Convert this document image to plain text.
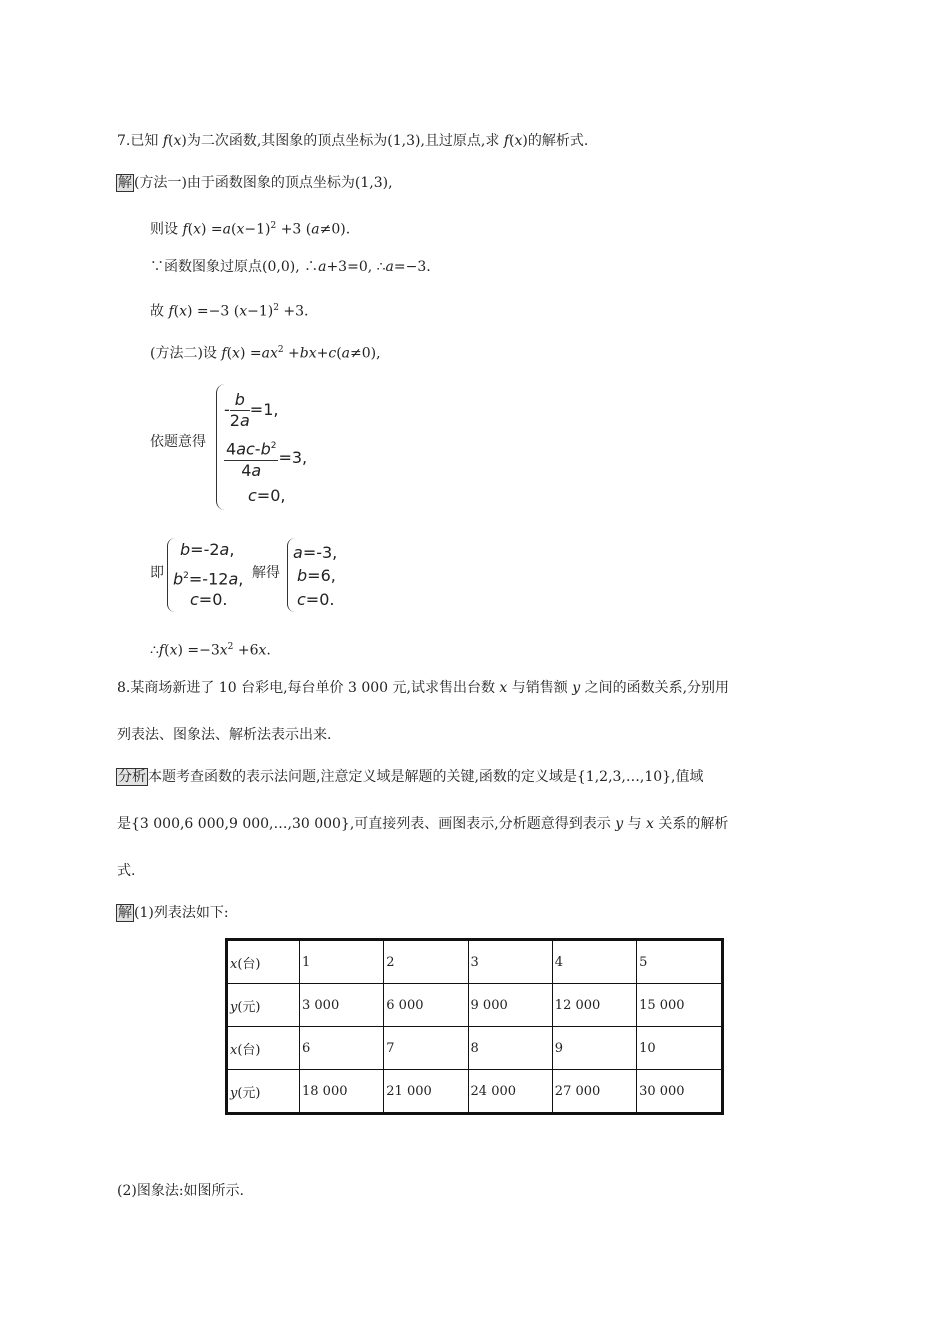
7.已知 f(x)为二次函数,其图象的顶点坐标为(1,3),且过原点,求 f(x)的解析式.
解 (方法一)由于函数图象的顶点坐标为(1,3),
则设 $f(x) =a(x-1)^2 +3$ (a≠0).
∵函数图象过原点(0,0), ∴a+3=0, ∴a=−3.
故 f(x) =−3 $(x-1)^2 +3$.
(方法二)设 $f(x) =ax^2 +bx+c(a\ne 0)$,
依题意得
- $\frac{b}{2a} =1$,
$\frac{4ac-b^2}{4a} =3$,
c=0,
即
b=-2a,
$b^2=-12a$,
c=0.
解得
a=-3,
b=6,
c=0.
∴f(x) $=-3x^2 +6x$.
8.某商场新进了 10 台彩电,每台单价 3 000 元,试求售出台数 x 与销售额 y 之间的函数关系,分别用
列表法、图象法、解析法表示出来.
分析 本题考查函数的表示法问题,注意定义域是解题的关键,函数的定义域是{1,2,3,…,10},值域
是{3 000,6 000,9 000,…,30 000},可直接列表、画图表示,分析题意得到表示 y 与 x 关系的解析
式.
解 (1)列表法如下:
x(台)	1	2	3	4	5
y(元)	3 000	6 000	9 000	12 000	15 000
x(台)	6	7	8	9	10
y(元)	18 000	21 000	24 000	27 000	30 000
(2)图象法:如图所示.
